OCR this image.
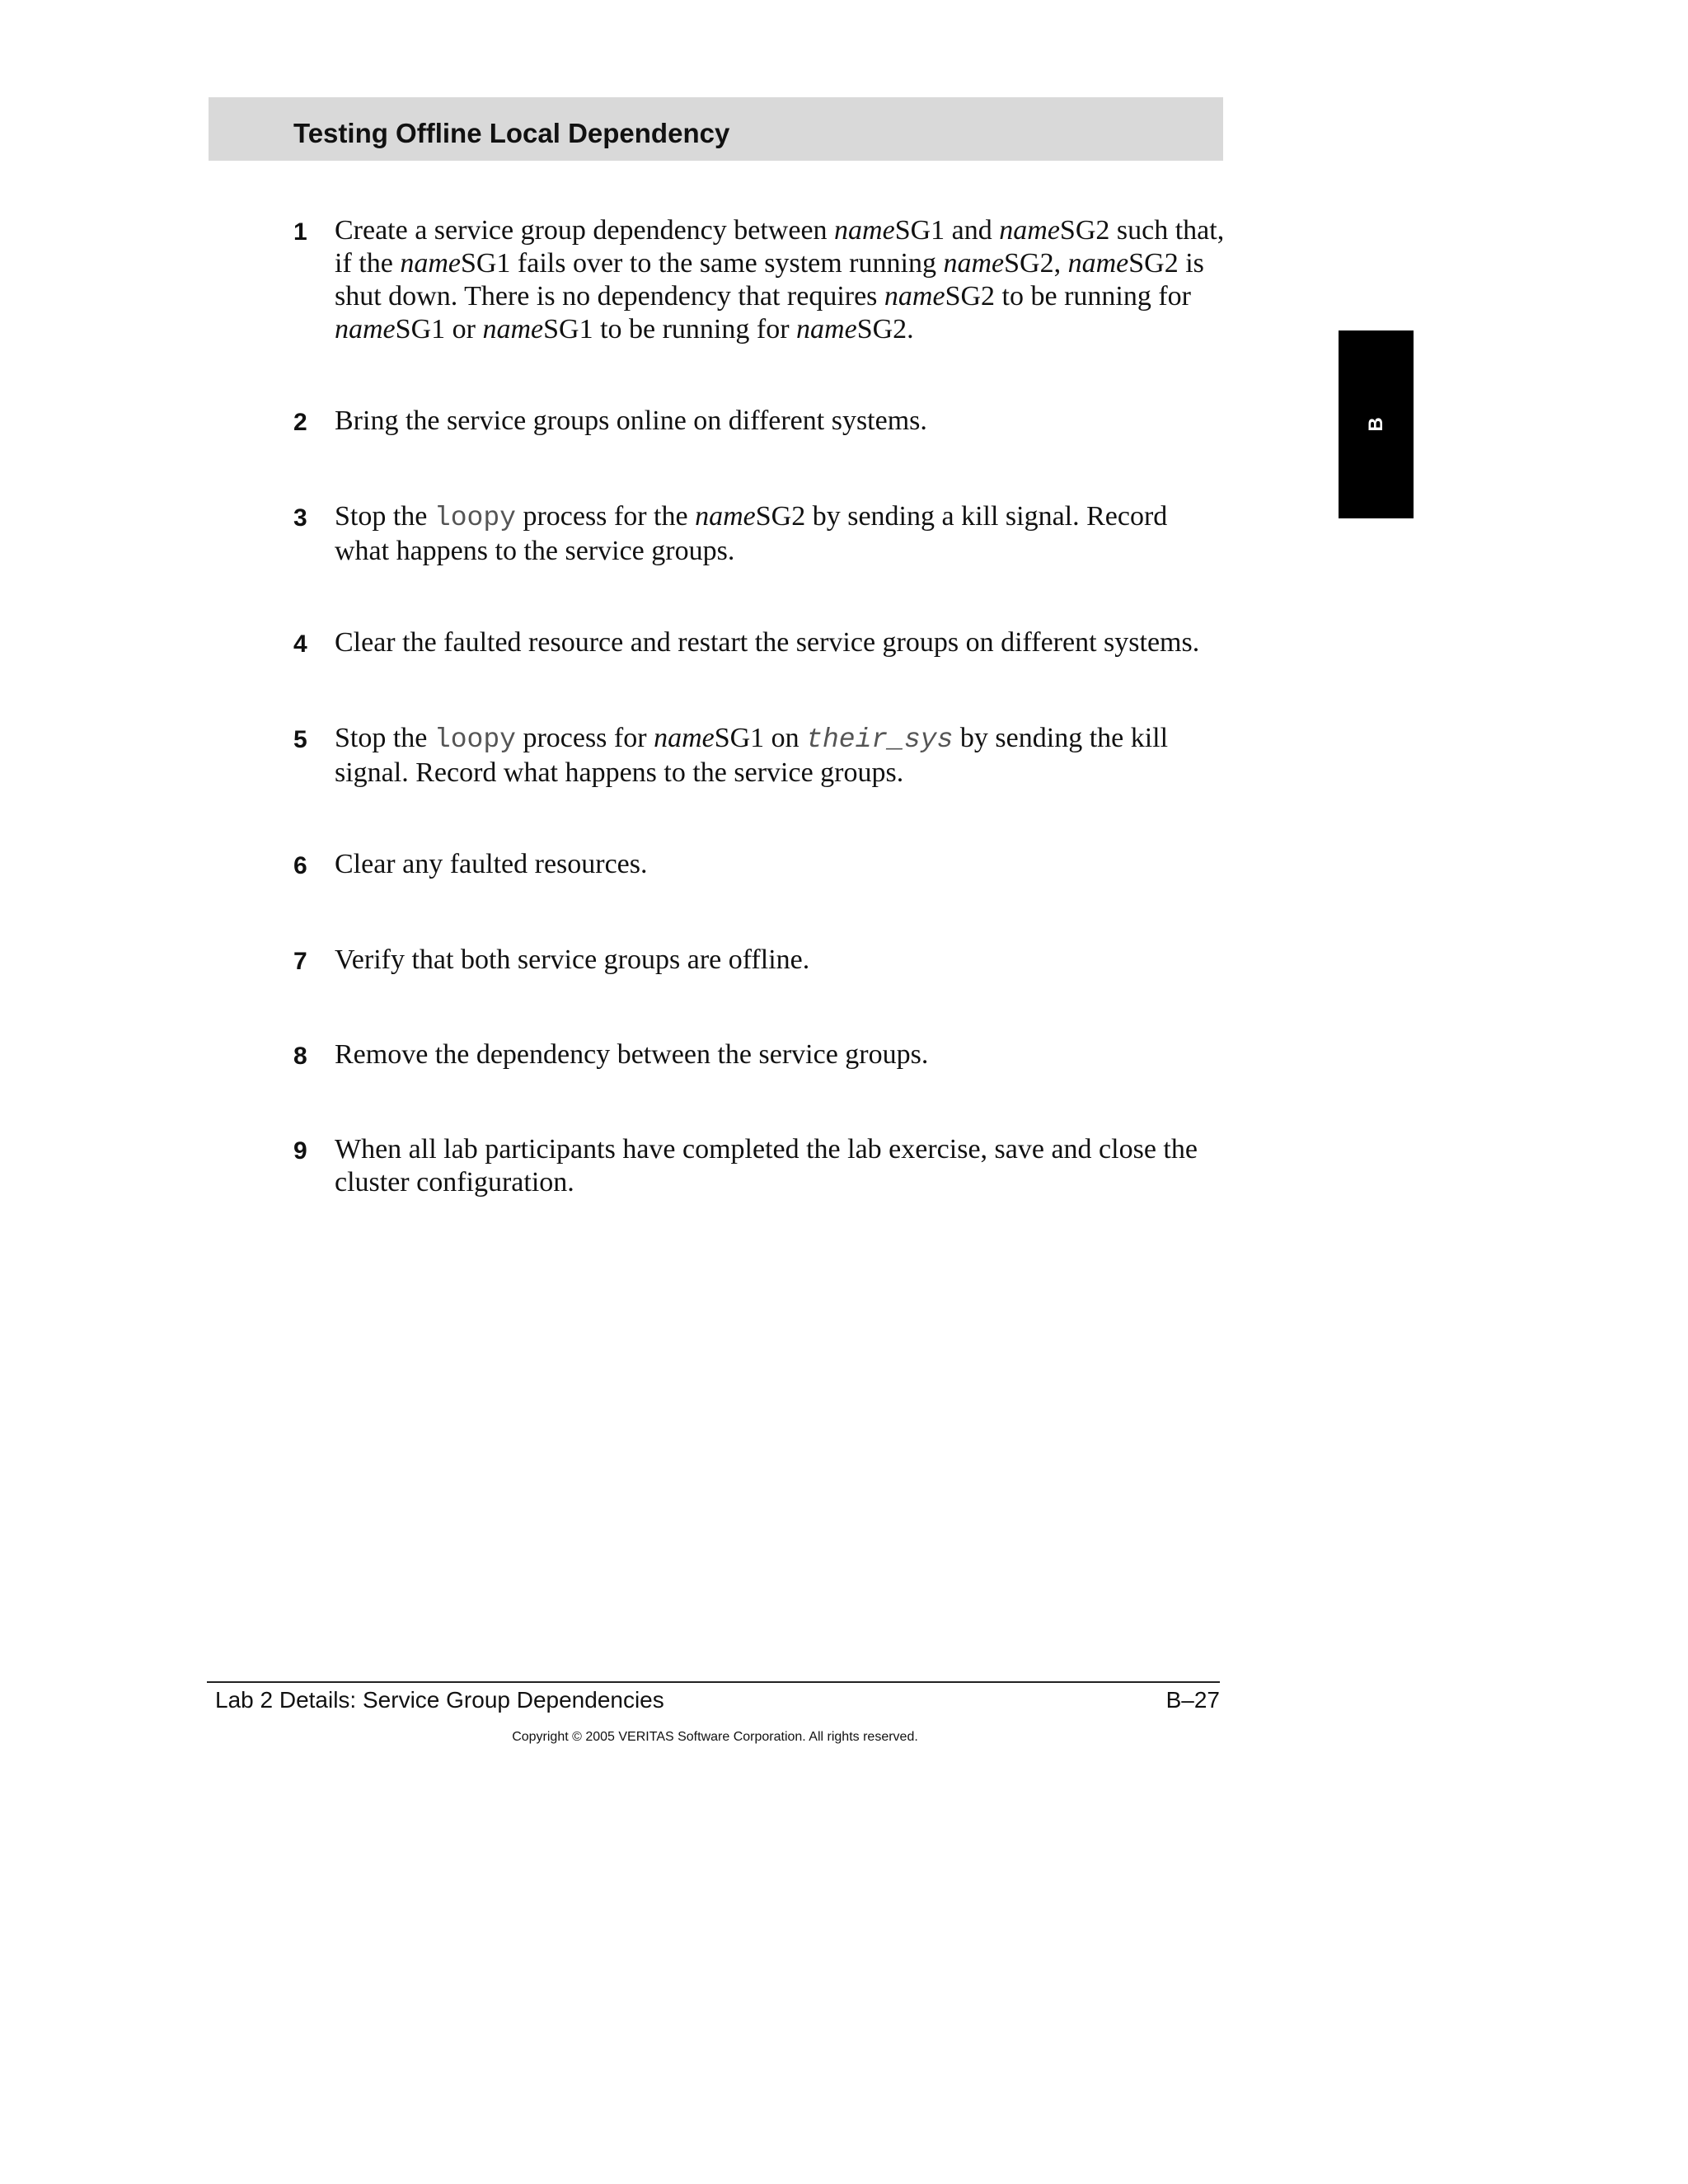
Testing Offline Local Dependency
1 Create a service group dependency between nameSG1 and nameSG2 such that,
if the nameSG1 fails over to the same system running nameSG2, nameSG2 is
shut down. There is no dependency that requires nameSG2 to be running for
nameSG1 or nameSG1 to be running for nameSG2.
2 Bring the service groups online on different systems.
3 Stop the loopy process for the nameSG2 by sending a kill signal. Record
what happens to the service groups.
4 Clear the faulted resource and restart the service groups on different systems.
5 Stop the loopy process for nameSG1 on their_sys by sending the kill
signal. Record what happens to the service groups.
6 Clear any faulted resources.
7 Verify that both service groups are offline.
8 Remove the dependency between the service groups.
9 When all lab participants have completed the lab exercise, save and close the
cluster configuration.
B
Lab 2 Details: Service Group Dependencies	B–27
Copyright © 2005 VERITAS Software Corporation. All rights reserved.
